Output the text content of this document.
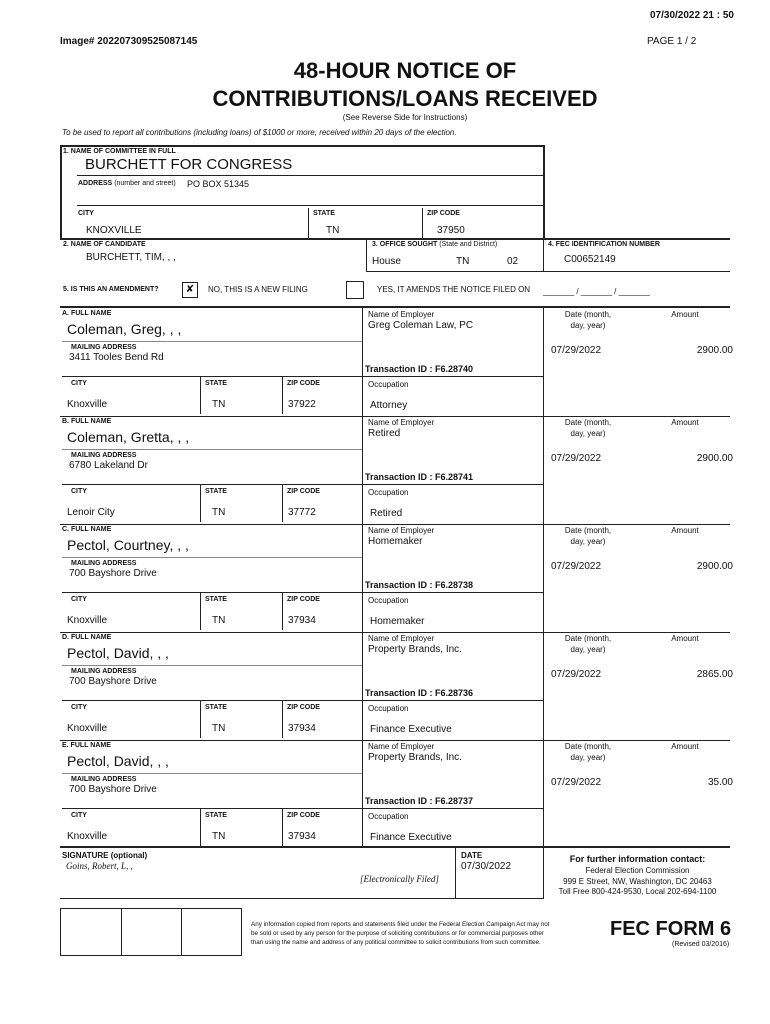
07/30/2022 21 : 50
Image# 202207309525087145	PAGE 1 / 2
48-HOUR NOTICE OF
CONTRIBUTIONS/LOANS RECEIVED
(See Reverse Side for Instructions)
To be used to report all contributions (including loans) of $1000 or more, received within 20 days of the election.
1. NAME OF COMMITTEE IN FULL
BURCHETT FOR CONGRESS
ADDRESS (number and street) PO BOX 51345
CITY	STATE	ZIP CODE
KNOXVILLE	TN	37950
2. NAME OF CANDIDATE
BURCHETT, TIM, , ,
3. OFFICE SOUGHT (State and District)
House	TN	02
4. FEC IDENTIFICATION NUMBER
C00652149
5. IS THIS AN AMENDMENT?	✘	NO, THIS IS A NEW FILING	YES, IT AMENDS THE NOTICE FILED ON _______ / _______ / _______
A. FULL NAME
Coleman, Greg, , ,
MAILING ADDRESS
3411 Tooles Bend Rd
CITY	STATE	ZIP CODE
Knoxville	TN	37922
Name of Employer
Greg Coleman Law, PC
Transaction ID : F6.28740
Occupation
Attorney
Date (month,
day, year)
Amount
07/29/2022	2900.00
B. FULL NAME
Coleman, Gretta, , ,
MAILING ADDRESS
6780 Lakeland Dr
CITY	STATE	ZIP CODE
Lenoir City	TN	37772
Name of Employer
Retired
Transaction ID : F6.28741
Occupation
Retired
Date (month,
day, year)
Amount
07/29/2022	2900.00
C. FULL NAME
Pectol, Courtney, , ,
MAILING ADDRESS
700 Bayshore Drive
CITY	STATE	ZIP CODE
Knoxville	TN	37934
Name of Employer
Homemaker
Transaction ID : F6.28738
Occupation
Homemaker
Date (month,
day, year)
Amount
07/29/2022	2900.00
D. FULL NAME
Pectol, David, , ,
MAILING ADDRESS
700 Bayshore Drive
CITY	STATE	ZIP CODE
Knoxville	TN	37934
Name of Employer
Property Brands, Inc.
Transaction ID : F6.28736
Occupation
Finance Executive
Date (month,
day, year)
Amount
07/29/2022	2865.00
E. FULL NAME
Pectol, David, , ,
MAILING ADDRESS
700 Bayshore Drive
CITY	STATE	ZIP CODE
Knoxville	TN	37934
Name of Employer
Property Brands, Inc.
Transaction ID : F6.28737
Occupation
Finance Executive
Date (month,
day, year)
Amount
07/29/2022	35.00
SIGNATURE (optional)
Goins, Robert, L, ,
[Electronically Filed]
DATE
07/30/2022
For further information contact:
Federal Election Commission
999 E Street, NW, Washington, DC 20463
Toll Free 800-424-9530, Local 202-694-1100
Any information copied from reports and statements filed under the Federal Election Campaign Act may not
be sold or used by any person for the purpose of soliciting contributions or for commercial purposes other
than using the name and address of any political committee to solicit contributions from such committee.
FEC FORM 6
(Revised 03/2016)
